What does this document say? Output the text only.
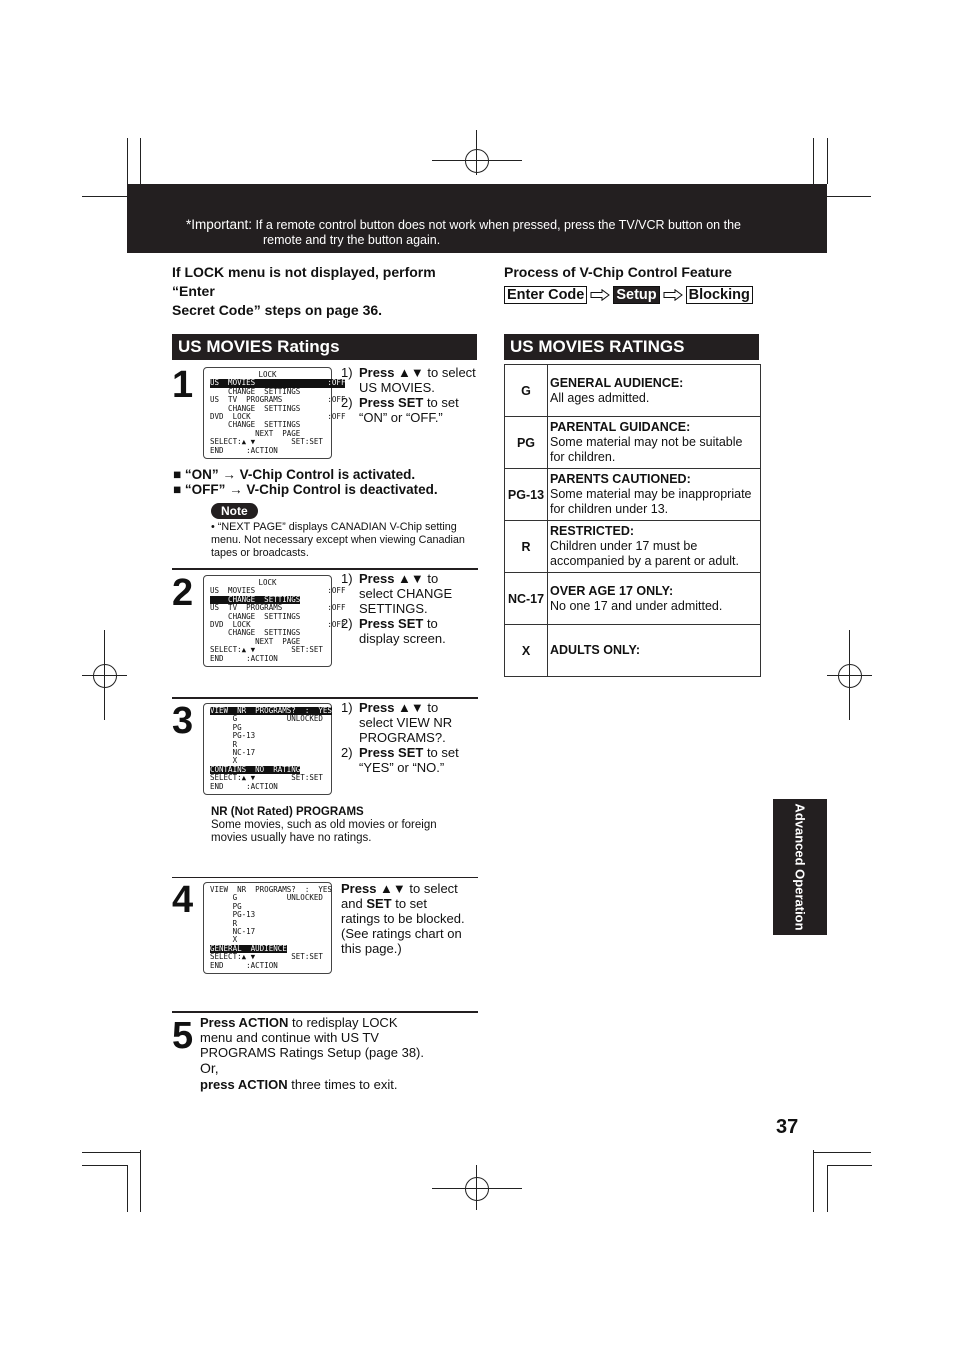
*Important: If a remote control button does not work when pressed, press the TV/VCR button on the
remote and try the button again.
If LOCK menu is not displayed, perform “Enter
Secret Code” steps on page 36.
Process of V-Chip Control Feature
Enter Code Setup Blocking
US MOVIES Ratings	US MOVIES RATINGS
1	LOCK
US  MOVIES                :OFF
CHANGE  SETTINGS
US  TV  PROGRAMS          :OFF
CHANGE  SETTINGS
DVD  LOCK                 :OFF
CHANGE  SETTINGS
NEXT  PAGE
SELECT:▲ ▼        SET:SET
END     :ACTION
1) Press ▲▼ to select
US MOVIES.
2) Press SET to set
“ON” or “OFF.”
■ “ON” → V-Chip Control is activated.
■ “OFF” → V-Chip Control is deactivated.
Note
• “NEXT PAGE” displays CANADIAN V-Chip setting menu. Not necessary except when viewing Canadian tapes or broadcasts.
2	LOCK
US  MOVIES                :OFF
CHANGE  SETTINGS
US  TV  PROGRAMS          :OFF
CHANGE  SETTINGS
DVD  LOCK                 :OFF
CHANGE  SETTINGS
NEXT  PAGE
SELECT:▲ ▼        SET:SET
END     :ACTION
1) Press ▲▼ to
select CHANGE
SETTINGS.
2) Press SET to
display screen.
3 VIEW  NR  PROGRAMS?  :  YES
G           UNLOCKED
PG
PG-13
R
NC-17
X
CONTAINS  NO  RATING
SELECT:▲ ▼        SET:SET
END     :ACTION
1) Press ▲▼ to
select VIEW NR
PROGRAMS?.
2) Press SET to set
“YES” or “NO.”
NR (Not Rated) PROGRAMS
Some movies, such as old movies or foreign movies usually have no ratings.
4 VIEW  NR  PROGRAMS?  :  YES
G           UNLOCKED
PG
PG-13
R
NC-17
X
GENERAL  AUDIENCE
SELECT:▲ ▼        SET:SET
END     :ACTION
Press ▲▼ to select
and SET to set
ratings to be blocked.
(See ratings chart on
this page.)
5 Press ACTION to redisplay LOCK
menu and continue with US TV
PROGRAMS Ratings Setup (page 38).
Or,
press ACTION three times to exit.
G	GENERAL AUDIENCE:
All ages admitted.
PG	PARENTAL GUIDANCE:
Some material may not be suitable for children.
PG-13	PARENTS CAUTIONED:
Some material may be inappropriate for children under 13.
R	RESTRICTED:
Children under 17 must be accompanied by a parent or adult.
NC-17	OVER AGE 17 ONLY:
No one 17 and under admitted.
X	ADULTS ONLY:
Advanced Operation
37
